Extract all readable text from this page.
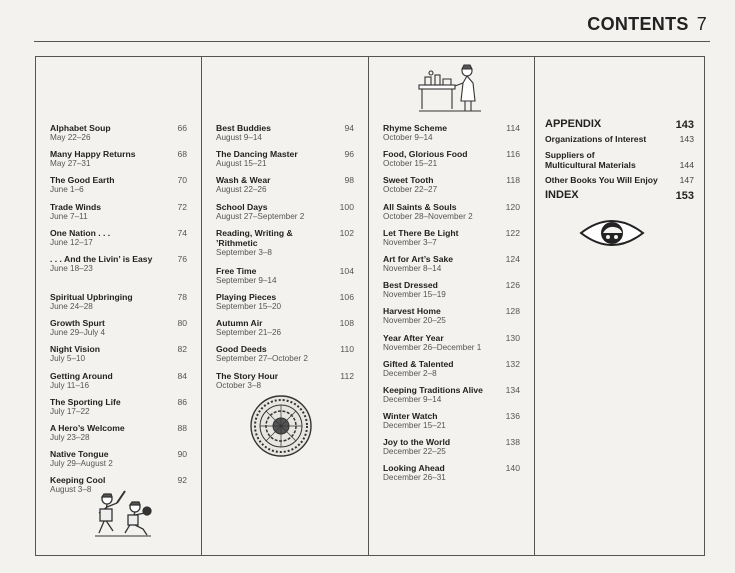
CONTENTS 7
Alphabet Soup
May 22–26
66
Many Happy Returns
May 27–31
68
The Good Earth
June 1–6
70
Trade Winds
June 7–11
72
One Nation . . .
June 12–17
74
. . . And the Livin’ is Easy
June 18–23
76
Spiritual Upbringing
June 24–28
78
Growth Spurt
June 29–July 4
80
Night Vision
July 5–10
82
Getting Around
July 11–16
84
The Sporting Life
July 17–22
86
A Hero’s Welcome
July 23–28
88
Native Tongue
July 29–August 2
90
Keeping Cool
August 3–8
92
Best Buddies
August 9–14
94
The Dancing Master
August 15–21
96
Wash & Wear
August 22–26
98
School Days
August 27–September 2
100
Reading, Writing & ’Rithmetic
September 3–8
102
Free Time
September 9–14
104
Playing Pieces
September 15–20
106
Autumn Air
September 21–26
108
Good Deeds
September 27–October 2
110
The Story Hour
October 3–8
112
Rhyme Scheme
October 9–14
114
Food, Glorious Food
October 15–21
116
Sweet Tooth
October 22–27
118
All Saints & Souls
October 28–November 2
120
Let There Be Light
November 3–7
122
Art for Art’s Sake
November 8–14
124
Best Dressed
November 15–19
126
Harvest Home
November 20–25
128
Year After Year
November 26–December 1
130
Gifted & Talented
December 2–8
132
Keeping Traditions Alive
December 9–14
134
Winter Watch
December 15–21
136
Joy to the World
December 22–25
138
Looking Ahead
December 26–31
140
APPENDIX	143
Organizations of Interest	143
Suppliers of Multicultural Materials	144
Other Books You Will Enjoy	147
INDEX	153
